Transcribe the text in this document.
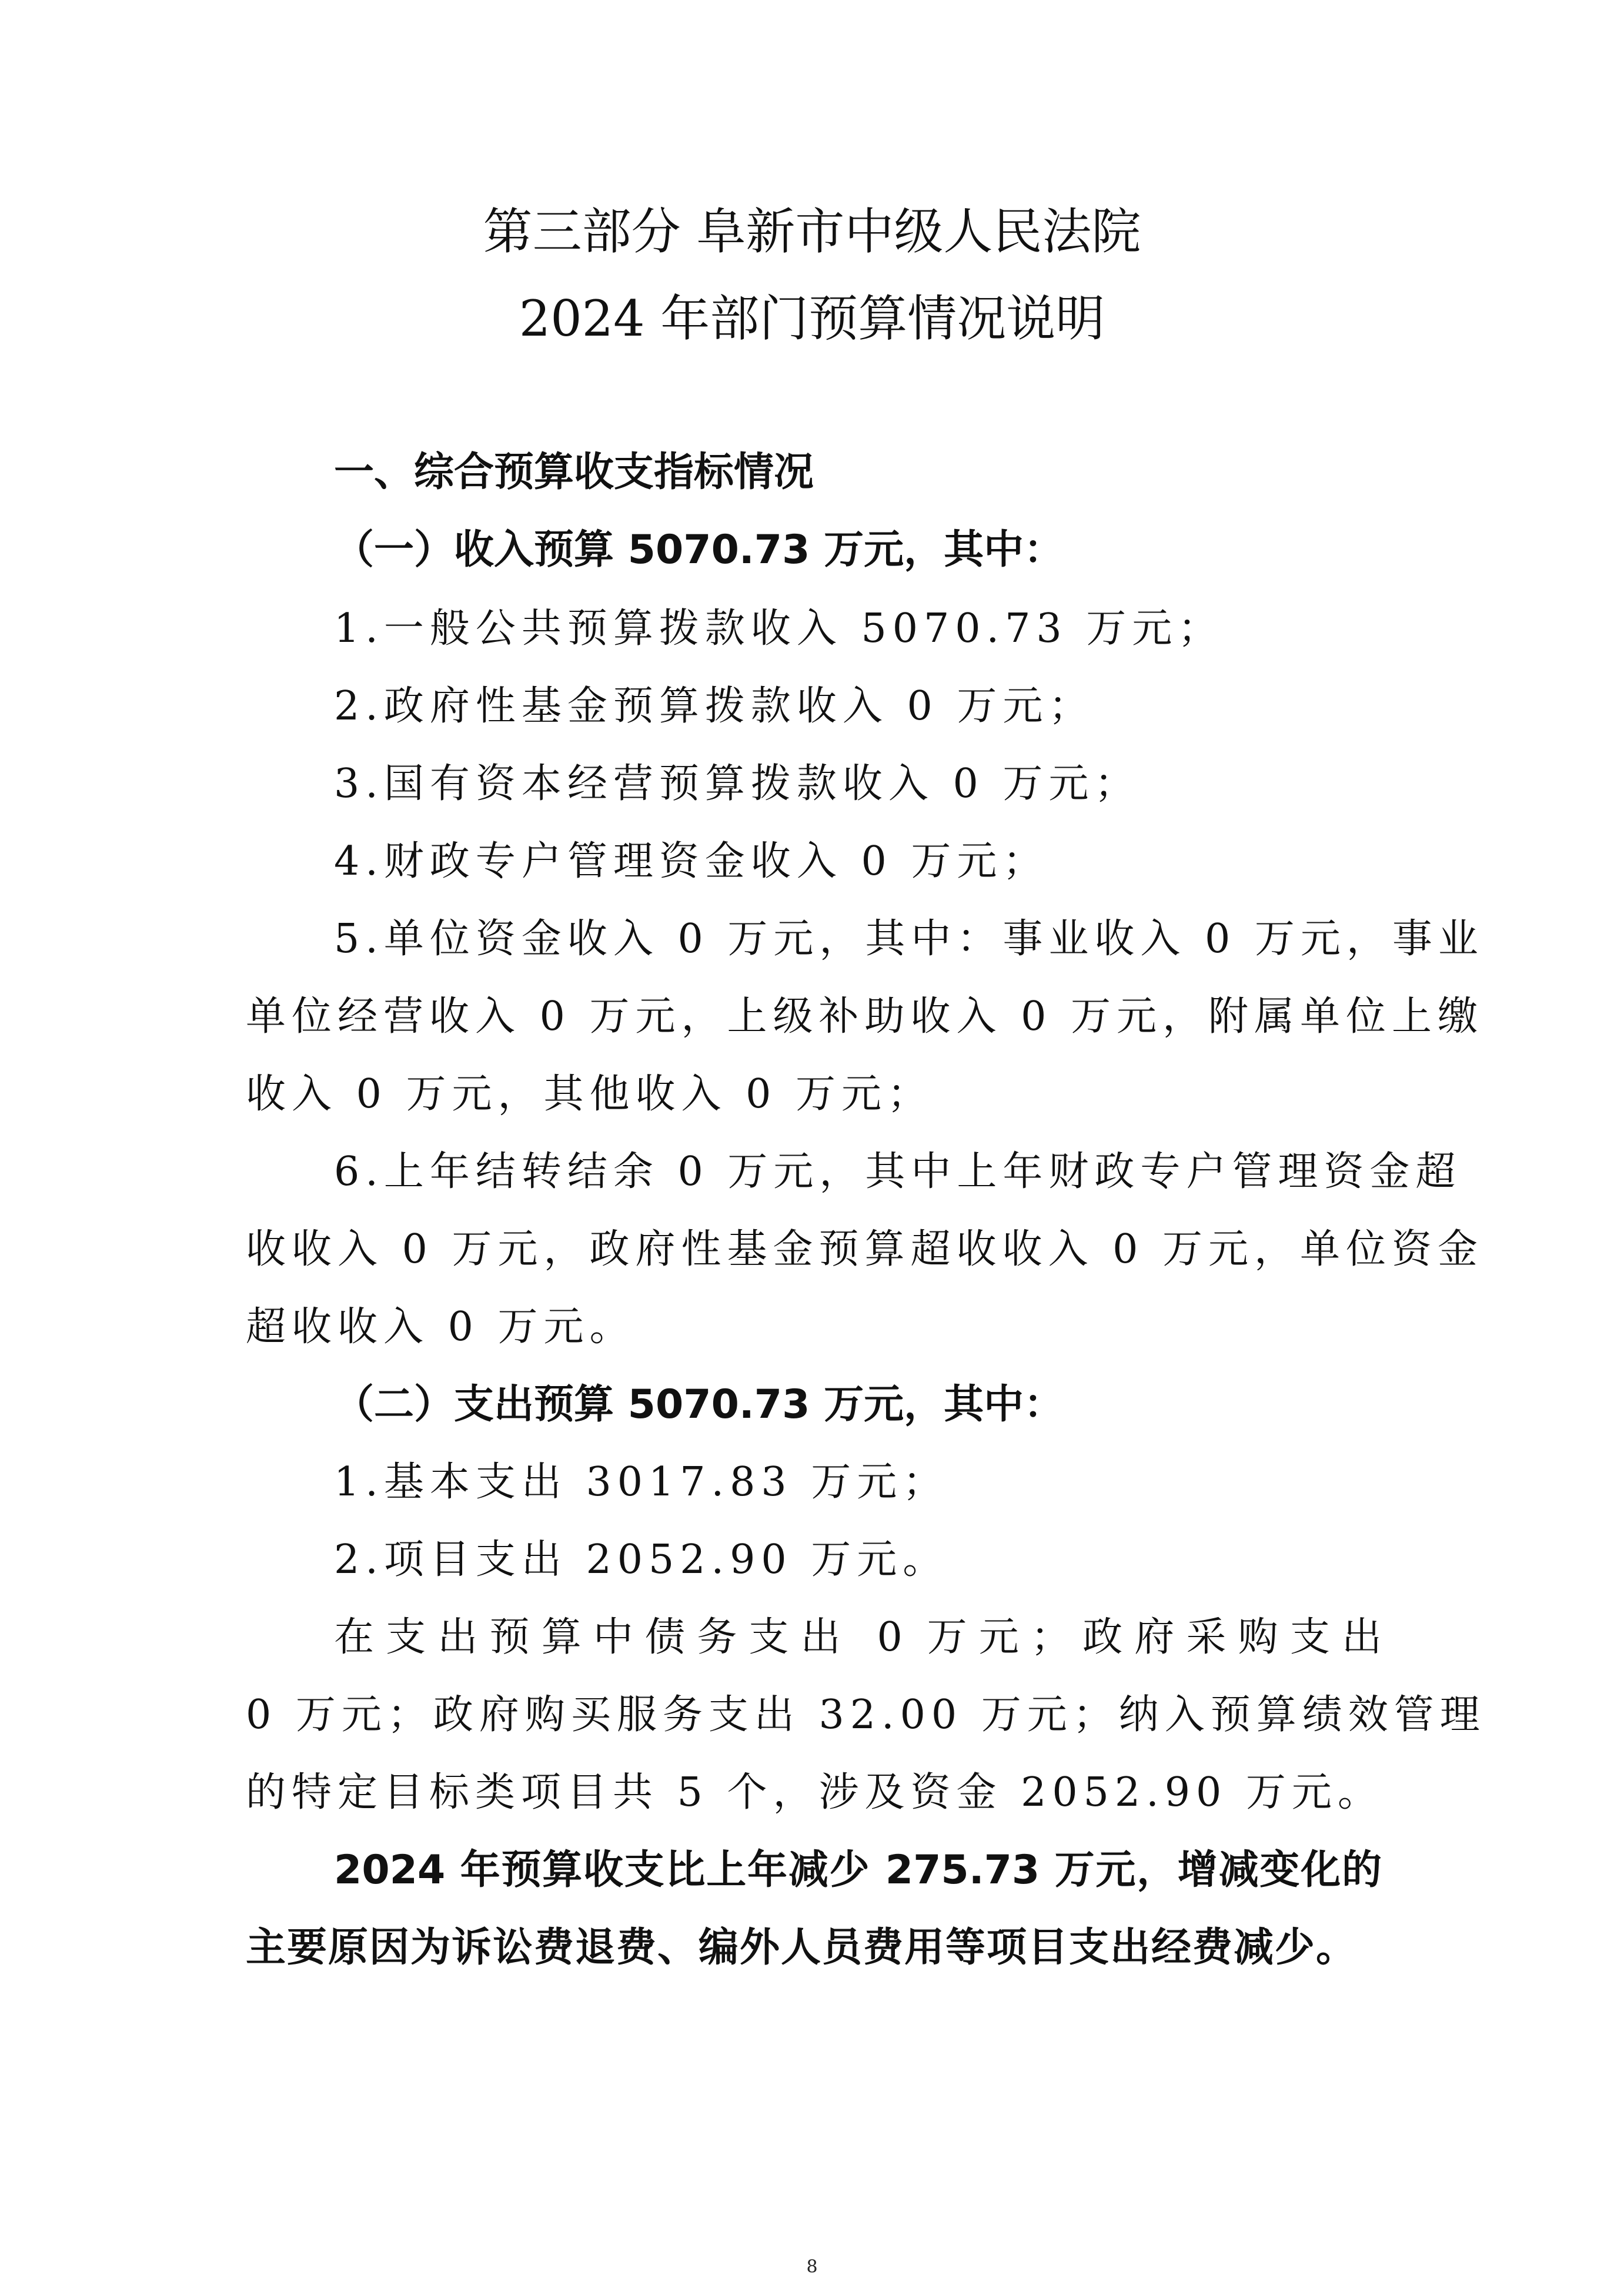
第三部分 阜新市中级人民法院
2024 年部门预算情况说明
一、综合预算收支指标情况
（一）收入预算 5070.73 万元，其中：
1.一般公共预算拨款收入 5070.73 万元；
2.政府性基金预算拨款收入 0 万元；
3.国有资本经营预算拨款收入 0 万元；
4.财政专户管理资金收入 0 万元；
5.单位资金收入 0 万元，其中：事业收入 0 万元，事业
单位经营收入 0 万元，上级补助收入 0 万元，附属单位上缴
收入 0 万元，其他收入 0 万元；
6.上年结转结余 0 万元，其中上年财政专户管理资金超
收收入 0 万元，政府性基金预算超收收入 0 万元，单位资金
超收收入 0 万元。
（二）支出预算 5070.73 万元，其中：
1.基本支出 3017.83 万元；
2.项目支出 2052.90 万元。
在支出预算中债务支出 0 万元；政府采购支出
0 万元；政府购买服务支出 32.00 万元；纳入预算绩效管理
的特定目标类项目共 5 个，涉及资金 2052.90 万元。
2024 年预算收支比上年减少 275.73 万元，增减变化的
主要原因为诉讼费退费、编外人员费用等项目支出经费减少。
8
